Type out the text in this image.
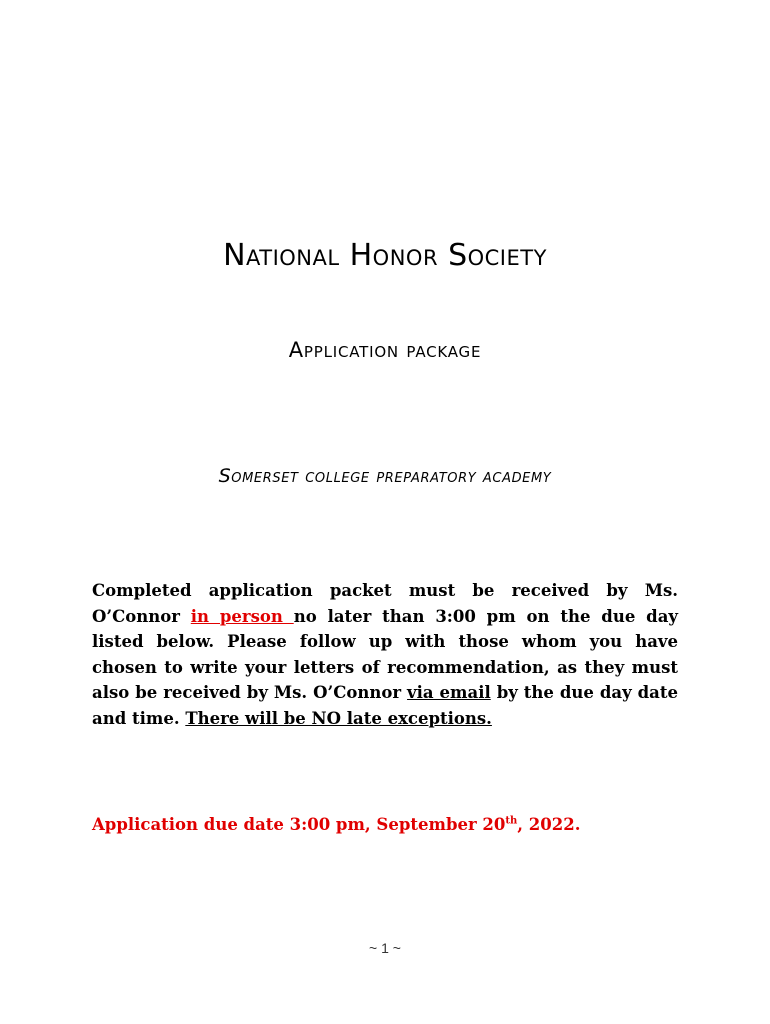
National Honor Society
Application package
Somerset college preparatory academy

Completed application packet must be received by Ms. O’Connor in person no later than 3:00 pm on the due day listed below. Please follow up with those whom you have chosen to write your letters of recommendation, as they must also be received by Ms. O’Connor via email by the due day date and time. There will be NO late exceptions.

Application due date 3:00 pm, September 20th, 2022.

~ 1 ~
